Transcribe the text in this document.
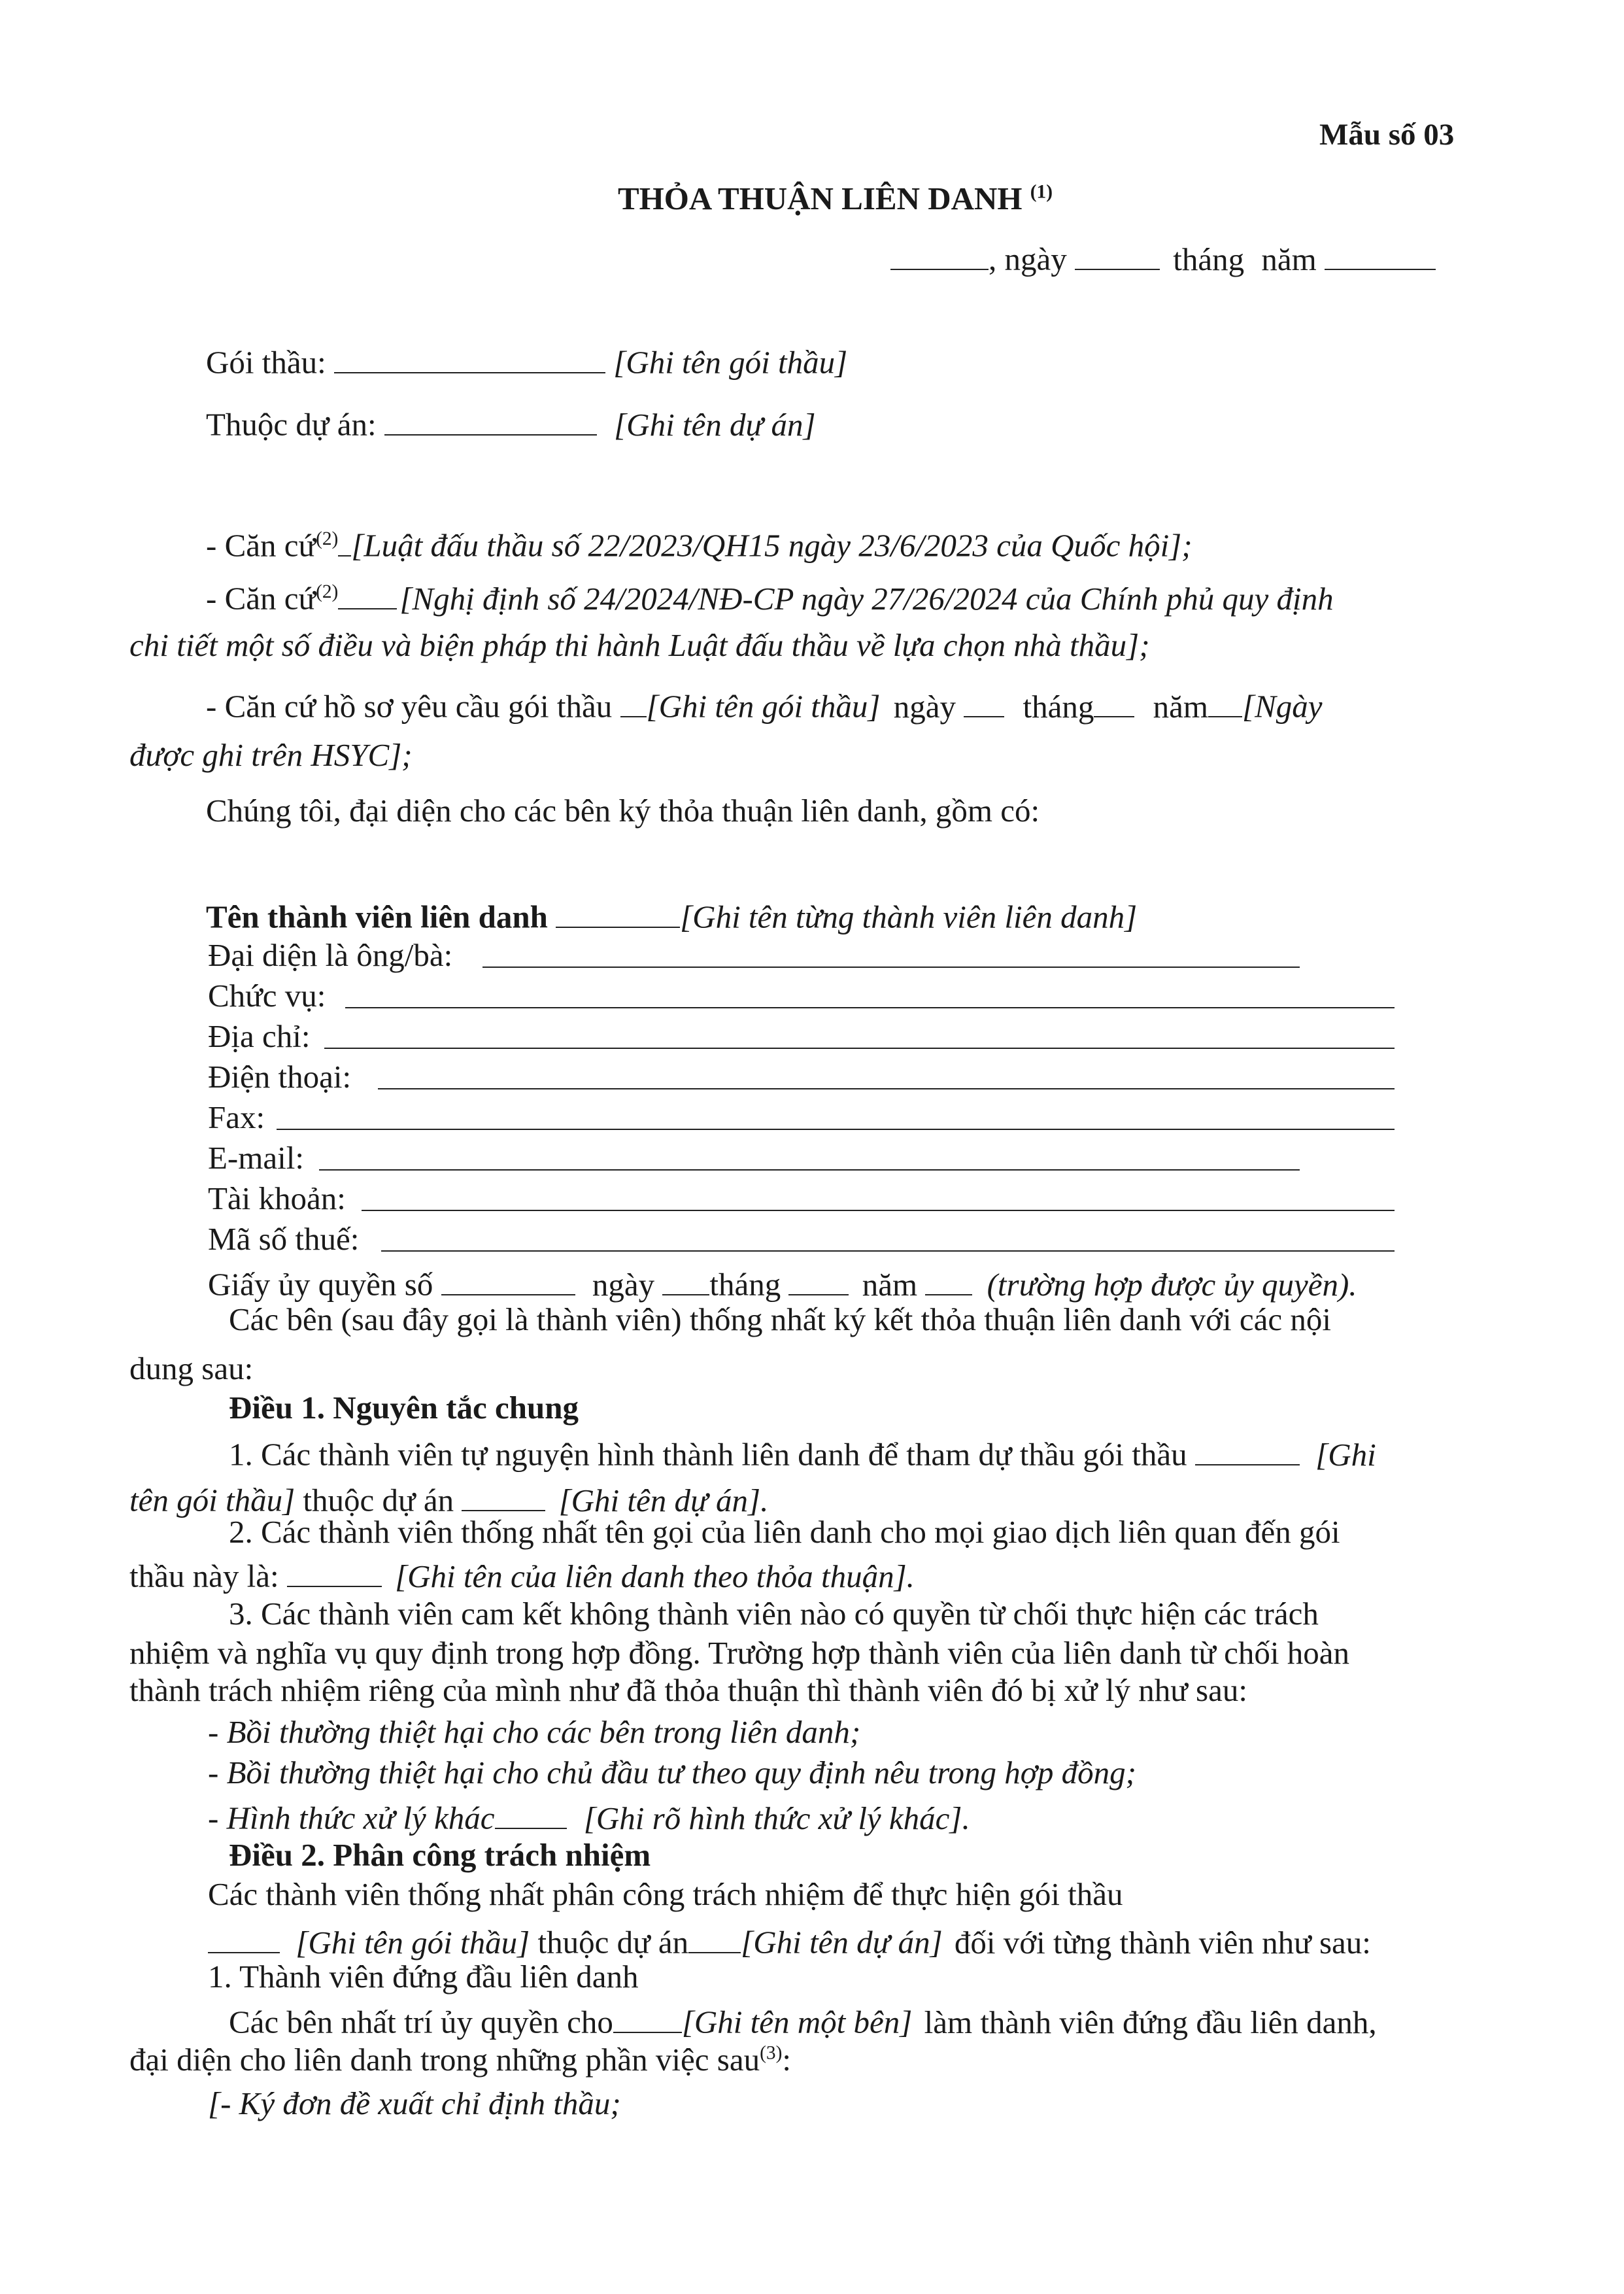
Mẫu số 03
THỎA THUẬN LIÊN DANH $^{(1)}$
, ngày	tháng năm
Gói thầu:	[Ghi tên gói thầu]
Thuộc dự án:	[Ghi tên dự án]
- Căn cứ$^{(2)}$ [Luật đấu thầu số 22/2023/QH15 ngày 23/6/2023 của Quốc hội];
- Căn cứ$^{(2)}$ [Nghị định số 24/2024/NĐ-CP ngày 27/26/2024 của Chính phủ quy định
chi tiết một số điều và biện pháp thi hành Luật đấu thầu về lựa chọn nhà thầu];
- Căn cứ hồ sơ yêu cầu gói thầu [Ghi tên gói thầu] ngày tháng năm [Ngày
được ghi trên HSYC];
Chúng tôi, đại diện cho các bên ký thỏa thuận liên danh, gồm có:
Tên thành viên liên danh	[Ghi tên từng thành viên liên danh]
Đại diện là ông/bà:
Chức vụ:
Địa chỉ:
Điện thoại:
Fax:
E-mail:
Tài khoản:
Mã số thuế:
Giấy ủy quyền số	ngày tháng	năm (trường hợp được ủy quyền).
Các bên (sau đây gọi là thành viên) thống nhất ký kết thỏa thuận liên danh với các nội
dung sau:
Điều 1. Nguyên tắc chung
1. Các thành viên tự nguyện hình thành liên danh để tham dự thầu gói thầu	[Ghi
tên gói thầu] thuộc dự án	[Ghi tên dự án].
2. Các thành viên thống nhất tên gọi của liên danh cho mọi giao dịch liên quan đến gói
thầu này là:	[Ghi tên của liên danh theo thỏa thuận].
3. Các thành viên cam kết không thành viên nào có quyền từ chối thực hiện các trách
nhiệm và nghĩa vụ quy định trong hợp đồng. Trường hợp thành viên của liên danh từ chối hoàn
thành trách nhiệm riêng của mình như đã thỏa thuận thì thành viên đó bị xử lý như sau:
- Bồi thường thiệt hại cho các bên trong liên danh;
- Bồi thường thiệt hại cho chủ đầu tư theo quy định nêu trong hợp đồng;
- Hình thức xử lý khác	[Ghi rõ hình thức xử lý khác].
Điều 2. Phân công trách nhiệm
Các thành viên thống nhất phân công trách nhiệm để thực hiện gói thầu
[Ghi tên gói thầu] thuộc dự án [Ghi tên dự án] đối với từng thành viên như sau:
1. Thành viên đứng đầu liên danh
Các bên nhất trí ủy quyền cho [Ghi tên một bên] làm thành viên đứng đầu liên danh,
đại diện cho liên danh trong những phần việc sau$^{(3)}$:
[- Ký đơn đề xuất chỉ định thầu;
